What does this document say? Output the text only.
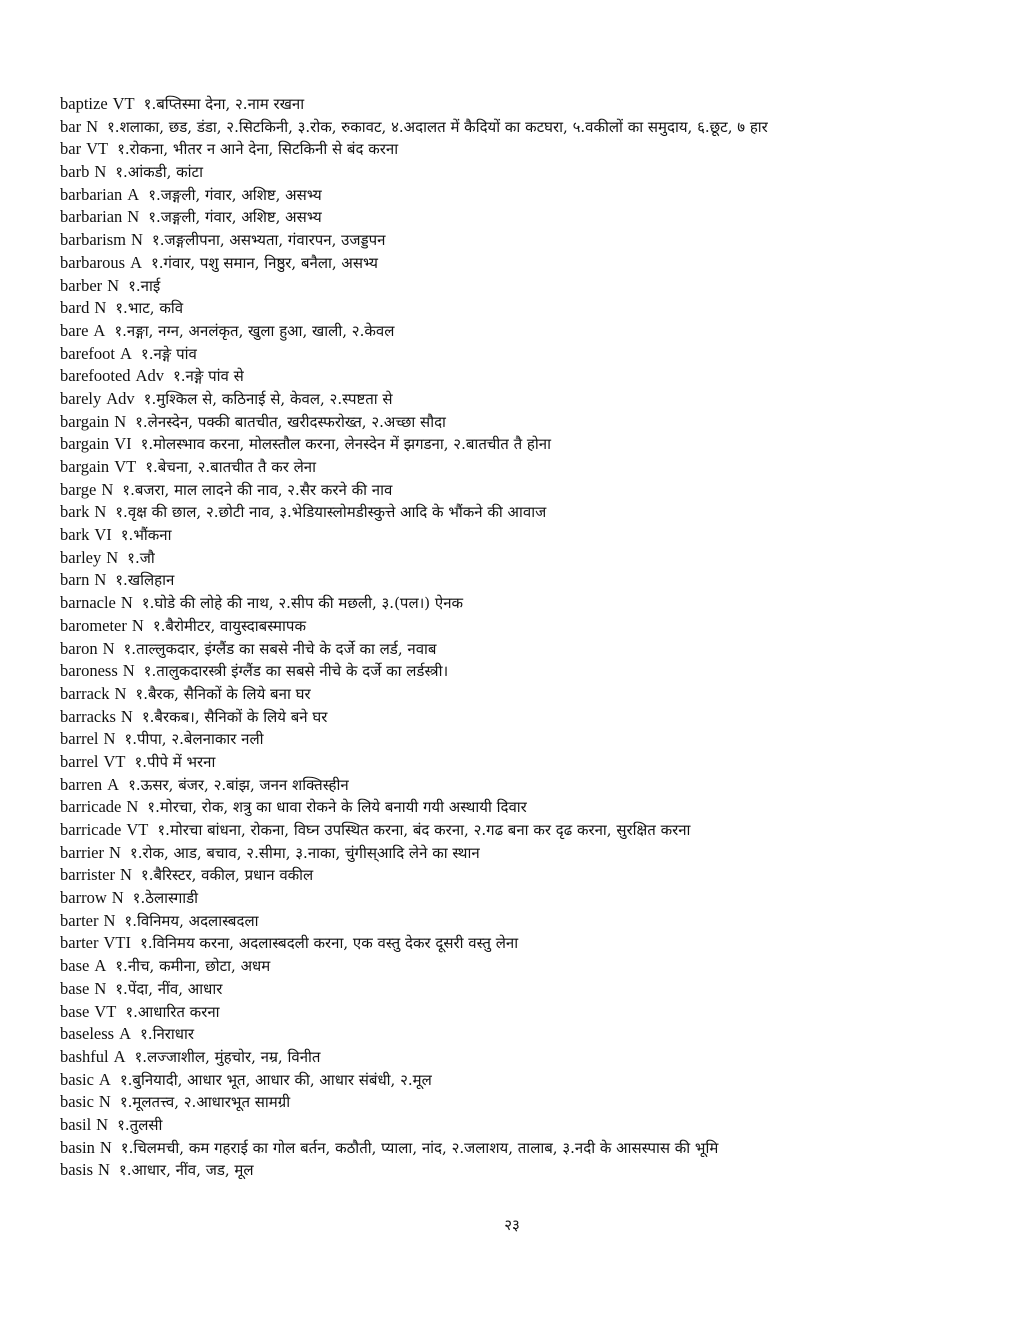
baptize VT १.बप्तिस्मा देना, २.नाम रखना
bar N १.शलाका, छड, डंडा, २.सिटकिनी, ३.रोक, रुकावट, ४.अदालत में कैदियों का कटघरा, ५.वकीलों का समुदाय, ६.छूट, ७ हार
bar VT १.रोकना, भीतर न आने देना, सिटकिनी से बंद करना
barb N १.आंकडी, कांटा
barbarian A १.जङ्गली, गंवार, अशिष्ट, असभ्य
barbarian N १.जङ्गली, गंवार, अशिष्ट, असभ्य
barbarism N १.जङ्गलीपना, असभ्यता, गंवारपन, उजड्डपन
barbarous A १.गंवार, पशु समान, निष्ठुर, बनैला, असभ्य
barber N १.नाई
bard N १.भाट, कवि
bare A १.नङ्गा, नग्न, अनलंकृत, खुला हुआ, खाली, २.केवल
barefoot A १.नङ्गे पांव
barefooted Adv १.नङ्गे पांव से
barely Adv १.मुश्किल से, कठिनाई से, केवल, २.स्पष्टता से
bargain N १.लेनस्देन, पक्की बातचीत, खरीदस्फरोख्त, २.अच्छा सौदा
bargain VI १.मोलस्भाव करना, मोलस्तौल करना, लेनस्देन में झगडना, २.बातचीत तै होना
bargain VT १.बेचना, २.बातचीत तै कर लेना
barge N १.बजरा, माल लादने की नाव, २.सैर करने की नाव
bark N १.वृक्ष की छाल, २.छोटी नाव, ३.भेडियास्लोमडीस्कुत्ते आदि के भौंकने की आवाज
bark VI १.भौंकना
barley N १.जौ
barn N १.खलिहान
barnacle N १.घोडे की लोहे की नाथ, २.सीप की मछली, ३.(पल।) ऐनक
barometer N १.बैरोमीटर, वायुस्दाबस्मापक
baron N १.ताल्लुकदार, इंग्लैंड का सबसे नीचे के दर्जे का लर्ड, नवाब
baroness N १.तालुकदारस्त्री इंग्लैंड का सबसे नीचे के दर्जे का लर्डस्त्री।
barrack N १.बैरक, सैनिकों के लिये बना घर
barracks N १.बैरकब।, सैनिकों के लिये बने घर
barrel N १.पीपा, २.बेलनाकार नली
barrel VT १.पीपे में भरना
barren A १.ऊसर, बंजर, २.बांझ, जनन शक्तिस्हीन
barricade N १.मोरचा, रोक, शत्रु का धावा रोकने के लिये बनायी गयी अस्थायी दिवार
barricade VT १.मोरचा बांधना, रोकना, विघ्न उपस्थित करना, बंद करना, २.गढ बना कर दृढ करना, सुरक्षित करना
barrier N १.रोक, आड, बचाव, २.सीमा, ३.नाका, चुंगीस्आदि लेने का स्थान
barrister N १.बैरिस्टर, वकील, प्रधान वकील
barrow N १.ठेलास्गाडी
barter N १.विनिमय, अदलास्बदला
barter VTI १.विनिमय करना, अदलास्बदली करना, एक वस्तु देकर दूसरी वस्तु लेना
base A १.नीच, कमीना, छोटा, अधम
base N १.पेंदा, नींव, आधार
base VT १.आधारित करना
baseless A १.निराधार
bashful A १.लज्जाशील, मुंहचोर, नम्र, विनीत
basic A १.बुनियादी, आधार भूत, आधार की, आधार संबंधी, २.मूल
basic N १.मूलतत्त्व, २.आधारभूत सामग्री
basil N १.तुलसी
basin N १.चिलमची, कम गहराई का गोल बर्तन, कठौती, प्याला, नांद, २.जलाशय, तालाब, ३.नदी के आसस्पास की भूमि
basis N १.आधार, नींव, जड, मूल
२३
